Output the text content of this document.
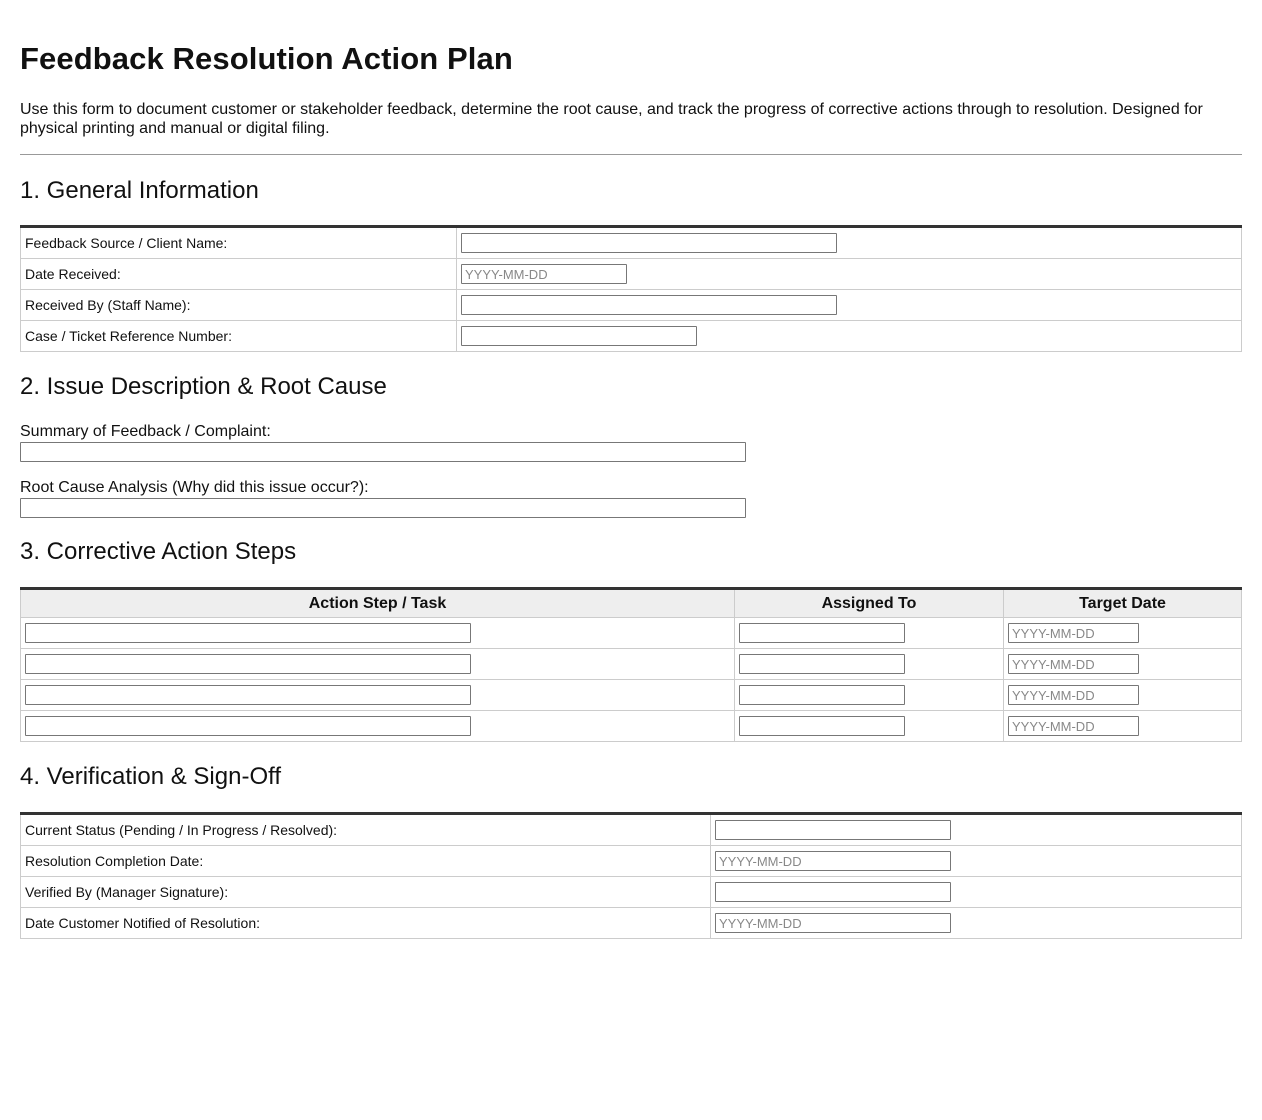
Feedback Resolution Action Plan

Use this form to document customer or stakeholder feedback, determine the root cause, and track the progress of corrective actions through to resolution. Designed for physical printing and manual or digital filing.

1. General Information
Feedback Source / Client Name:	
Date Received:	YYYY-MM-DD
Received By (Staff Name):	
Case / Ticket Reference Number:	
2. Issue Description & Root Cause
Summary of Feedback / Complaint:
Root Cause Analysis (Why did this issue occur?):
3. Corrective Action Steps
Action Step / Task	Assigned To	Target Date
		YYYY-MM-DD
		YYYY-MM-DD
		YYYY-MM-DD
		YYYY-MM-DD
4. Verification & Sign-Off
Current Status (Pending / In Progress / Resolved):	
Resolution Completion Date:	YYYY-MM-DD
Verified By (Manager Signature):	
Date Customer Notified of Resolution:	YYYY-MM-DD
